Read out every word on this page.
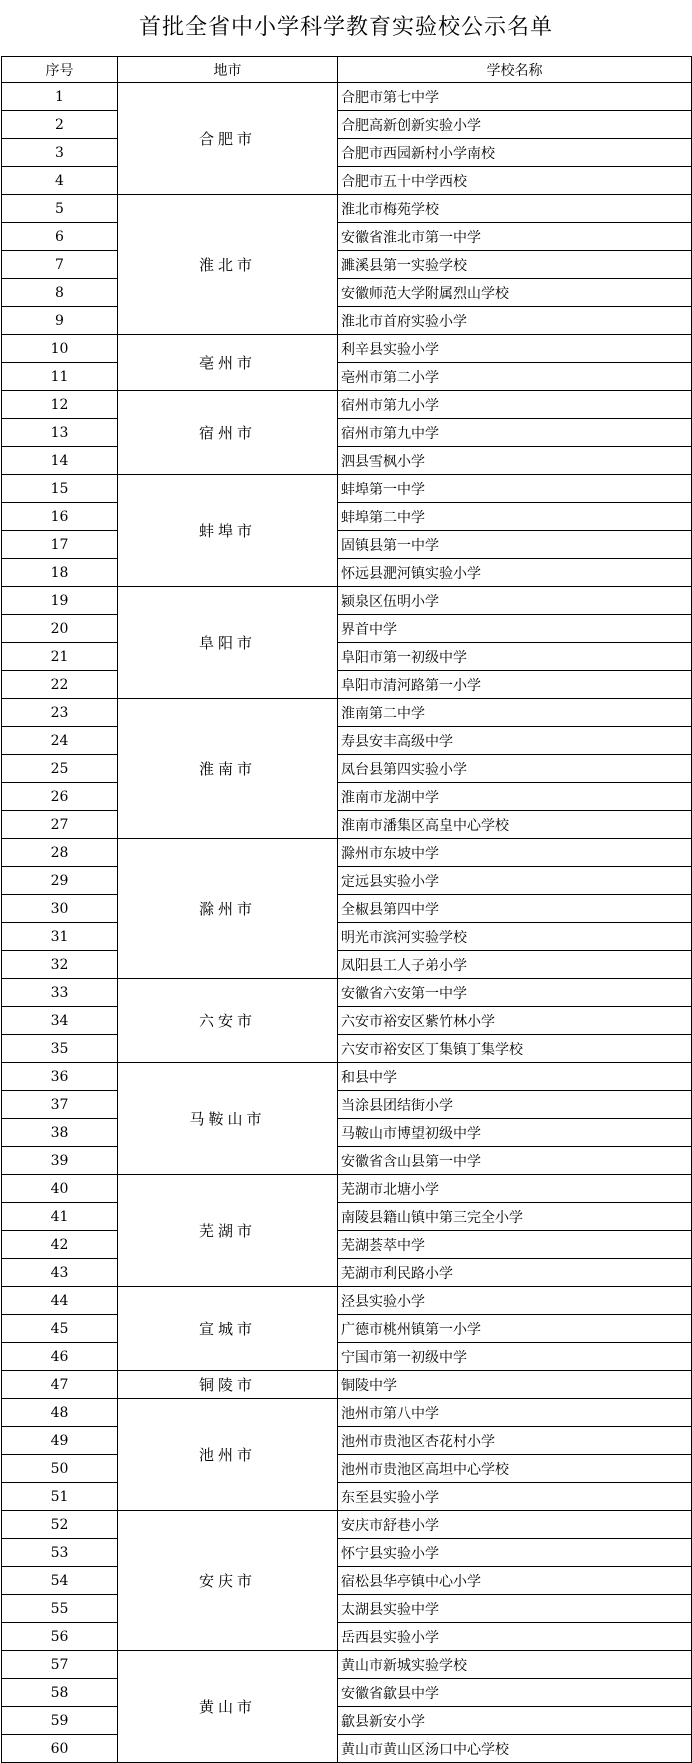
首批全省中小学科学教育实验校公示名单
序号	地市	学校名称
1	合肥市	合肥市第七中学
2		合肥高新创新实验小学
3		合肥市西园新村小学南校
4		合肥市五十中学西校
5	淮北市	淮北市梅苑学校
6		安徽省淮北市第一中学
7		濉溪县第一实验学校
8		安徽师范大学附属烈山学校
9		淮北市首府实验小学
10	亳州市	利辛县实验小学
11		亳州市第二小学
12	宿州市	宿州市第九小学
13		宿州市第九中学
14		泗县雪枫小学
15	蚌埠市	蚌埠第一中学
16		蚌埠第二中学
17		固镇县第一中学
18		怀远县淝河镇实验小学
19	阜阳市	颍泉区伍明小学
20		界首中学
21		阜阳市第一初级中学
22		阜阳市清河路第一小学
23	淮南市	淮南第二中学
24		寿县安丰高级中学
25		凤台县第四实验小学
26		淮南市龙湖中学
27		淮南市潘集区高皇中心学校
28	滁州市	滁州市东坡中学
29		定远县实验小学
30		全椒县第四中学
31		明光市滨河实验学校
32		凤阳县工人子弟小学
33	六安市	安徽省六安第一中学
34		六安市裕安区紫竹林小学
35		六安市裕安区丁集镇丁集学校
36	马鞍山市	和县中学
37		当涂县团结街小学
38		马鞍山市博望初级中学
39		安徽省含山县第一中学
40	芜湖市	芜湖市北塘小学
41		南陵县籍山镇中第三完全小学
42		芜湖荟萃中学
43		芜湖市利民路小学
44	宣城市	泾县实验小学
45		广德市桃州镇第一小学
46		宁国市第一初级中学
47	铜陵市	铜陵中学
48	池州市	池州市第八中学
49		池州市贵池区杏花村小学
50		池州市贵池区高坦中心学校
51		东至县实验小学
52	安庆市	安庆市舒巷小学
53		怀宁县实验小学
54		宿松县华亭镇中心小学
55		太湖县实验中学
56		岳西县实验小学
57	黄山市	黄山市新城实验学校
58		安徽省歙县中学
59		歙县新安小学
60		黄山市黄山区汤口中心学校
